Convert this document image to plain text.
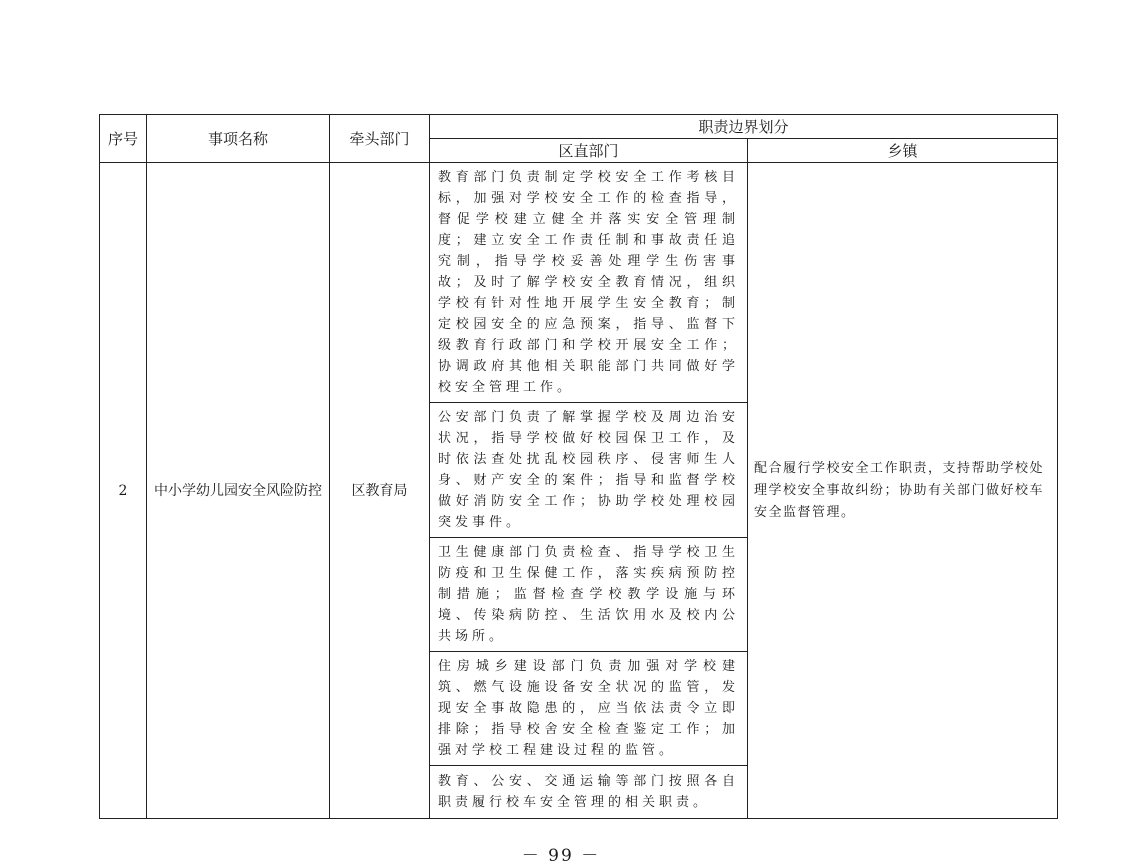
序号	事项名称	牵头部门	职责边界划分	
			区直部门	乡镇
2	中小学幼儿园安全风险防控	区教育局	教育部门负责制定学校安全工作考核目标，加强对学校安全工作的检查指导，督促学校建立健全并落实安全管理制度；建立安全工作责任制和事故责任追究制，指导学校妥善处理学生伤害事故；及时了解学校安全教育情况，组织学校有针对性地开展学生安全教育；制定校园安全的应急预案，指导、监督下级教育行政部门和学校开展安全工作；协调政府其他相关职能部门共同做好学校安全管理工作。	配合履行学校安全工作职责，支持帮助学校处理学校安全事故纠纷；协助有关部门做好校车安全监督管理。
			公安部门负责了解掌握学校及周边治安状况，指导学校做好校园保卫工作，及时依法查处扰乱校园秩序、侵害师生人身、财产安全的案件；指导和监督学校做好消防安全工作；协助学校处理校园突发事件。	
			卫生健康部门负责检查、指导学校卫生防疫和卫生保健工作，落实疾病预防控制措施；监督检查学校教学设施与环境、传染病防控、生活饮用水及校内公共场所。	
			住房城乡建设部门负责加强对学校建筑、燃气设施设备安全状况的监管，发现安全事故隐患的，应当依法责令立即排除；指导校舍安全检查鉴定工作；加强对学校工程建设过程的监管。	
			教育、公安、交通运输等部门按照各自职责履行校车安全管理的相关职责。	
－ 99 －
